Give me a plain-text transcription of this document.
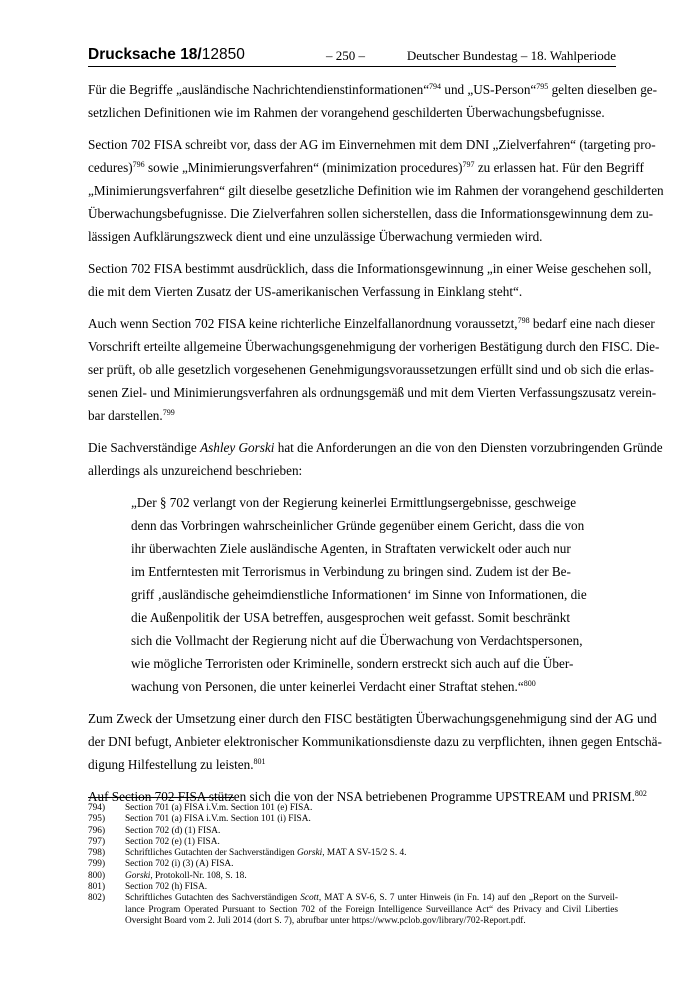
Drucksache 18/12850	– 250 –	Deutscher Bundestag – 18. Wahlperiode

Für die Begriffe „ausländische Nachrichtendienstinformationen“$^{794}$ und „US-Person“$^{795}$ gelten dieselben ge-
setzlichen Definitionen wie im Rahmen der vorangehend geschilderten Überwachungsbefugnisse.

Section 702 FISA schreibt vor, dass der AG im Einvernehmen mit dem DNI „Zielverfahren“ (targeting pro-
cedures)$^{796}$ sowie „Minimierungsverfahren“ (minimization procedures)$^{797}$ zu erlassen hat. Für den Begriff
„Minimierungsverfahren“ gilt dieselbe gesetzliche Definition wie im Rahmen der vorangehend geschilderten
Überwachungsbefugnisse. Die Zielverfahren sollen sicherstellen, dass die Informationsgewinnung dem zu-
lässigen Aufklärungszweck dient und eine unzulässige Überwachung vermieden wird.

Section 702 FISA bestimmt ausdrücklich, dass die Informationsgewinnung „in einer Weise geschehen soll,
die mit dem Vierten Zusatz der US-amerikanischen Verfassung in Einklang steht“.

Auch wenn Section 702 FISA keine richterliche Einzelfallanordnung voraussetzt,$^{798}$ bedarf eine nach dieser
Vorschrift erteilte allgemeine Überwachungsgenehmigung der vorherigen Bestätigung durch den FISC. Die-
ser prüft, ob alle gesetzlich vorgesehenen Genehmigungsvoraussetzungen erfüllt sind und ob sich die erlas-
senen Ziel- und Minimierungsverfahren als ordnungsgemäß und mit dem Vierten Verfassungszusatz verein-
bar darstellen.$^{799}$

Die Sachverständige Ashley Gorski hat die Anforderungen an die von den Diensten vorzubringenden Gründe
allerdings als unzureichend beschrieben:

„Der § 702 verlangt von der Regierung keinerlei Ermittlungsergebnisse, geschweige
denn das Vorbringen wahrscheinlicher Gründe gegenüber einem Gericht, dass die von
ihr überwachten Ziele ausländische Agenten, in Straftaten verwickelt oder auch nur
im Entferntesten mit Terrorismus in Verbindung zu bringen sind. Zudem ist der Be-
griff ‚ausländische geheimdienstliche Informationen‘ im Sinne von Informationen, die
die Außenpolitik der USA betreffen, ausgesprochen weit gefasst. Somit beschränkt
sich die Vollmacht der Regierung nicht auf die Überwachung von Verdachtspersonen,
wie mögliche Terroristen oder Kriminelle, sondern erstreckt sich auch auf die Über-
wachung von Personen, die unter keinerlei Verdacht einer Straftat stehen.“$^{800}$

Zum Zweck der Umsetzung einer durch den FISC bestätigten Überwachungsgenehmigung sind der AG und
der DNI befugt, Anbieter elektronischer Kommunikationsdienste dazu zu verpflichten, ihnen gegen Entschä-
digung Hilfestellung zu leisten.$^{801}$

Auf Section 702 FISA stützen sich die von der NSA betriebenen Programme UPSTREAM und PRISM.$^{802}$

794) Section 701 (a) FISA i.V.m. Section 101 (e) FISA.
795) Section 701 (a) FISA i.V.m. Section 101 (i) FISA.
796) Section 702 (d) (1) FISA.
797) Section 702 (e) (1) FISA.
798) Schriftliches Gutachten der Sachverständigen Gorski, MAT A SV-15/2 S. 4.
799) Section 702 (i) (3) (A) FISA.
800) Gorski, Protokoll-Nr. 108, S. 18.
801) Section 702 (h) FISA.
802) Schriftliches Gutachten des Sachverständigen Scott, MAT A SV-6, S. 7 unter Hinweis (in Fn. 14) auf den „Report on the Surveil-
lance Program Operated Pursuant to Section 702 of the Foreign Intelligence Surveillance Act“ des Privacy and Civil Liberties
Oversight Board vom 2. Juli 2014 (dort S. 7), abrufbar unter https://www.pclob.gov/library/702-Report.pdf.
